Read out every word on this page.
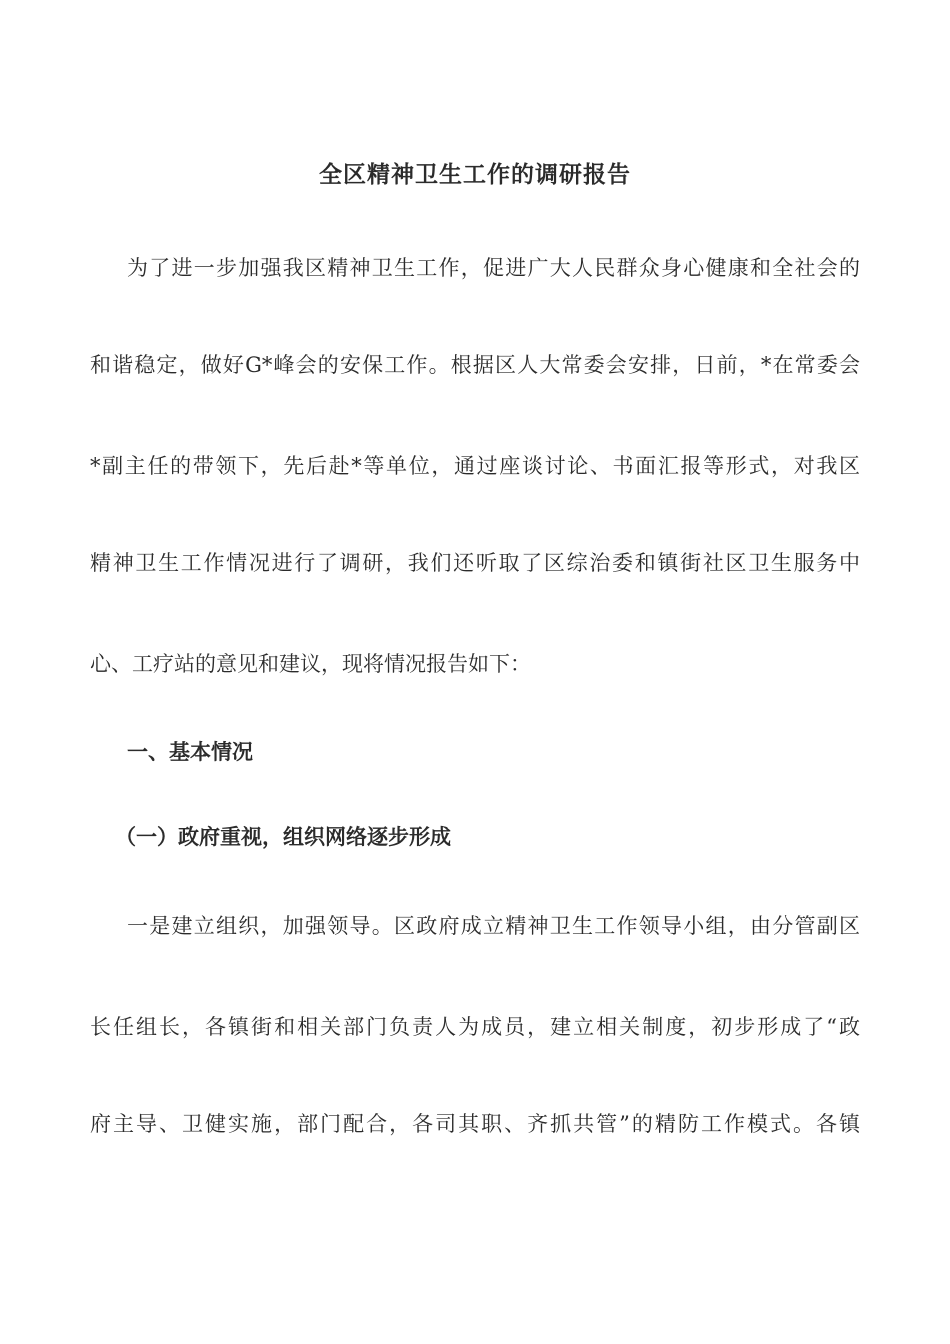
全区精神卫生工作的调研报告

为了进一步加强我区精神卫生工作，促进广大人民群众身心健康和全社会的

和谐稳定，做好G*峰会的安保工作。根据区人大常委会安排，日前，*在常委会

*副主任的带领下，先后赴*等单位，通过座谈讨论、书面汇报等形式，对我区

精神卫生工作情况进行了调研，我们还听取了区综治委和镇街社区卫生服务中

心、工疗站的意见和建议，现将情况报告如下：

一、基本情况
（一）政府重视，组织网络逐步形成

一是建立组织，加强领导。区政府成立精神卫生工作领导小组，由分管副区

长任组长，各镇街和相关部门负责人为成员，建立相关制度，初步形成了“政

府主导、卫健实施，部门配合，各司其职、齐抓共管”的精防工作模式。各镇
